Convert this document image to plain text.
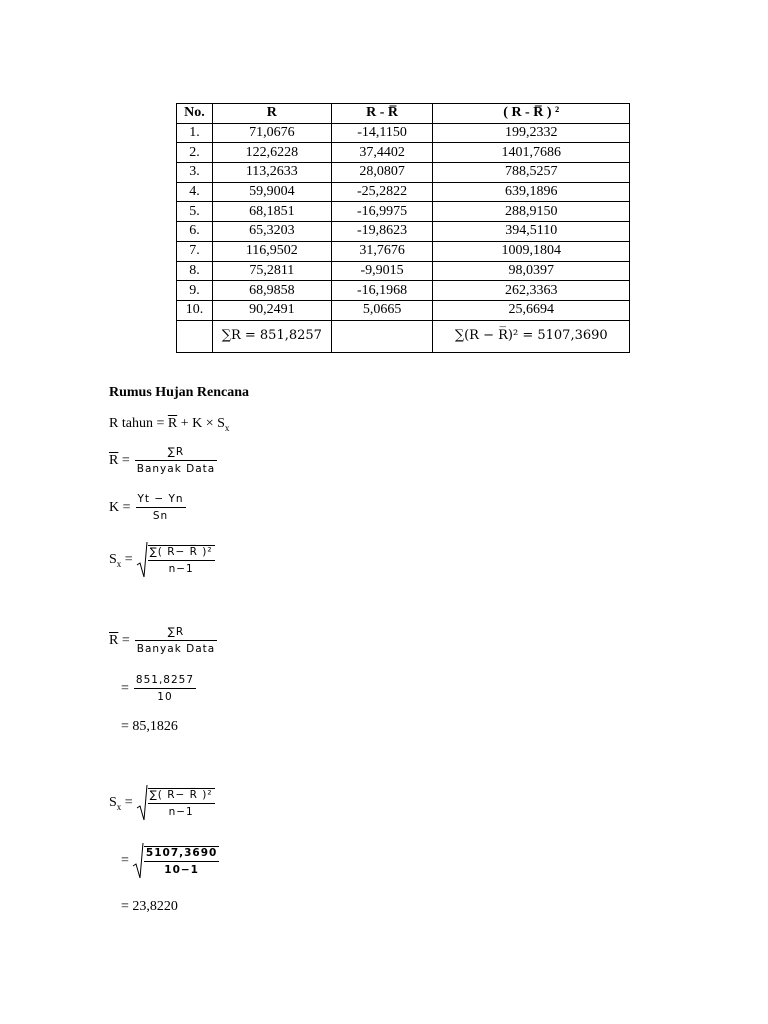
No.	R	R - R̅	( R - R̅ ) ²
1.	71,0676	-14,1150	199,2332
2.	122,6228	37,4402	1401,7686
3.	113,2633	28,0807	788,5257
4.	59,9004	-25,2822	639,1896
5.	68,1851	-16,9975	288,9150
6.	65,3203	-19,8623	394,5110
7.	116,9502	31,7676	1009,1804
8.	75,2811	-9,9015	98,0397
9.	68,9858	-16,1968	262,3363
10.	90,2491	5,0665	25,6694
	∑R = 851,8257		∑(R − R̅)² = 5107,3690
Rumus Hujan Rencana
R tahun = $\overline{R} + K \times S_x$
$\overline{R} = \frac{\sum R}{\text{Banyak Data}}$
$K = \frac{Yt - Yn}{Sn}$
$S_x = \frac{\text{∑( R− R̅ )²}}{n-1}$
$\overline{R} = \frac{\sum R}{\text{Banyak Data}}$
= $\frac{851,8257}{10}$
= 85,1826
$S_x = \frac{\text{∑( R− R̅ )²}}{n-1}$
= $\frac{5107,3690}{10-1}$
= 23,8220
